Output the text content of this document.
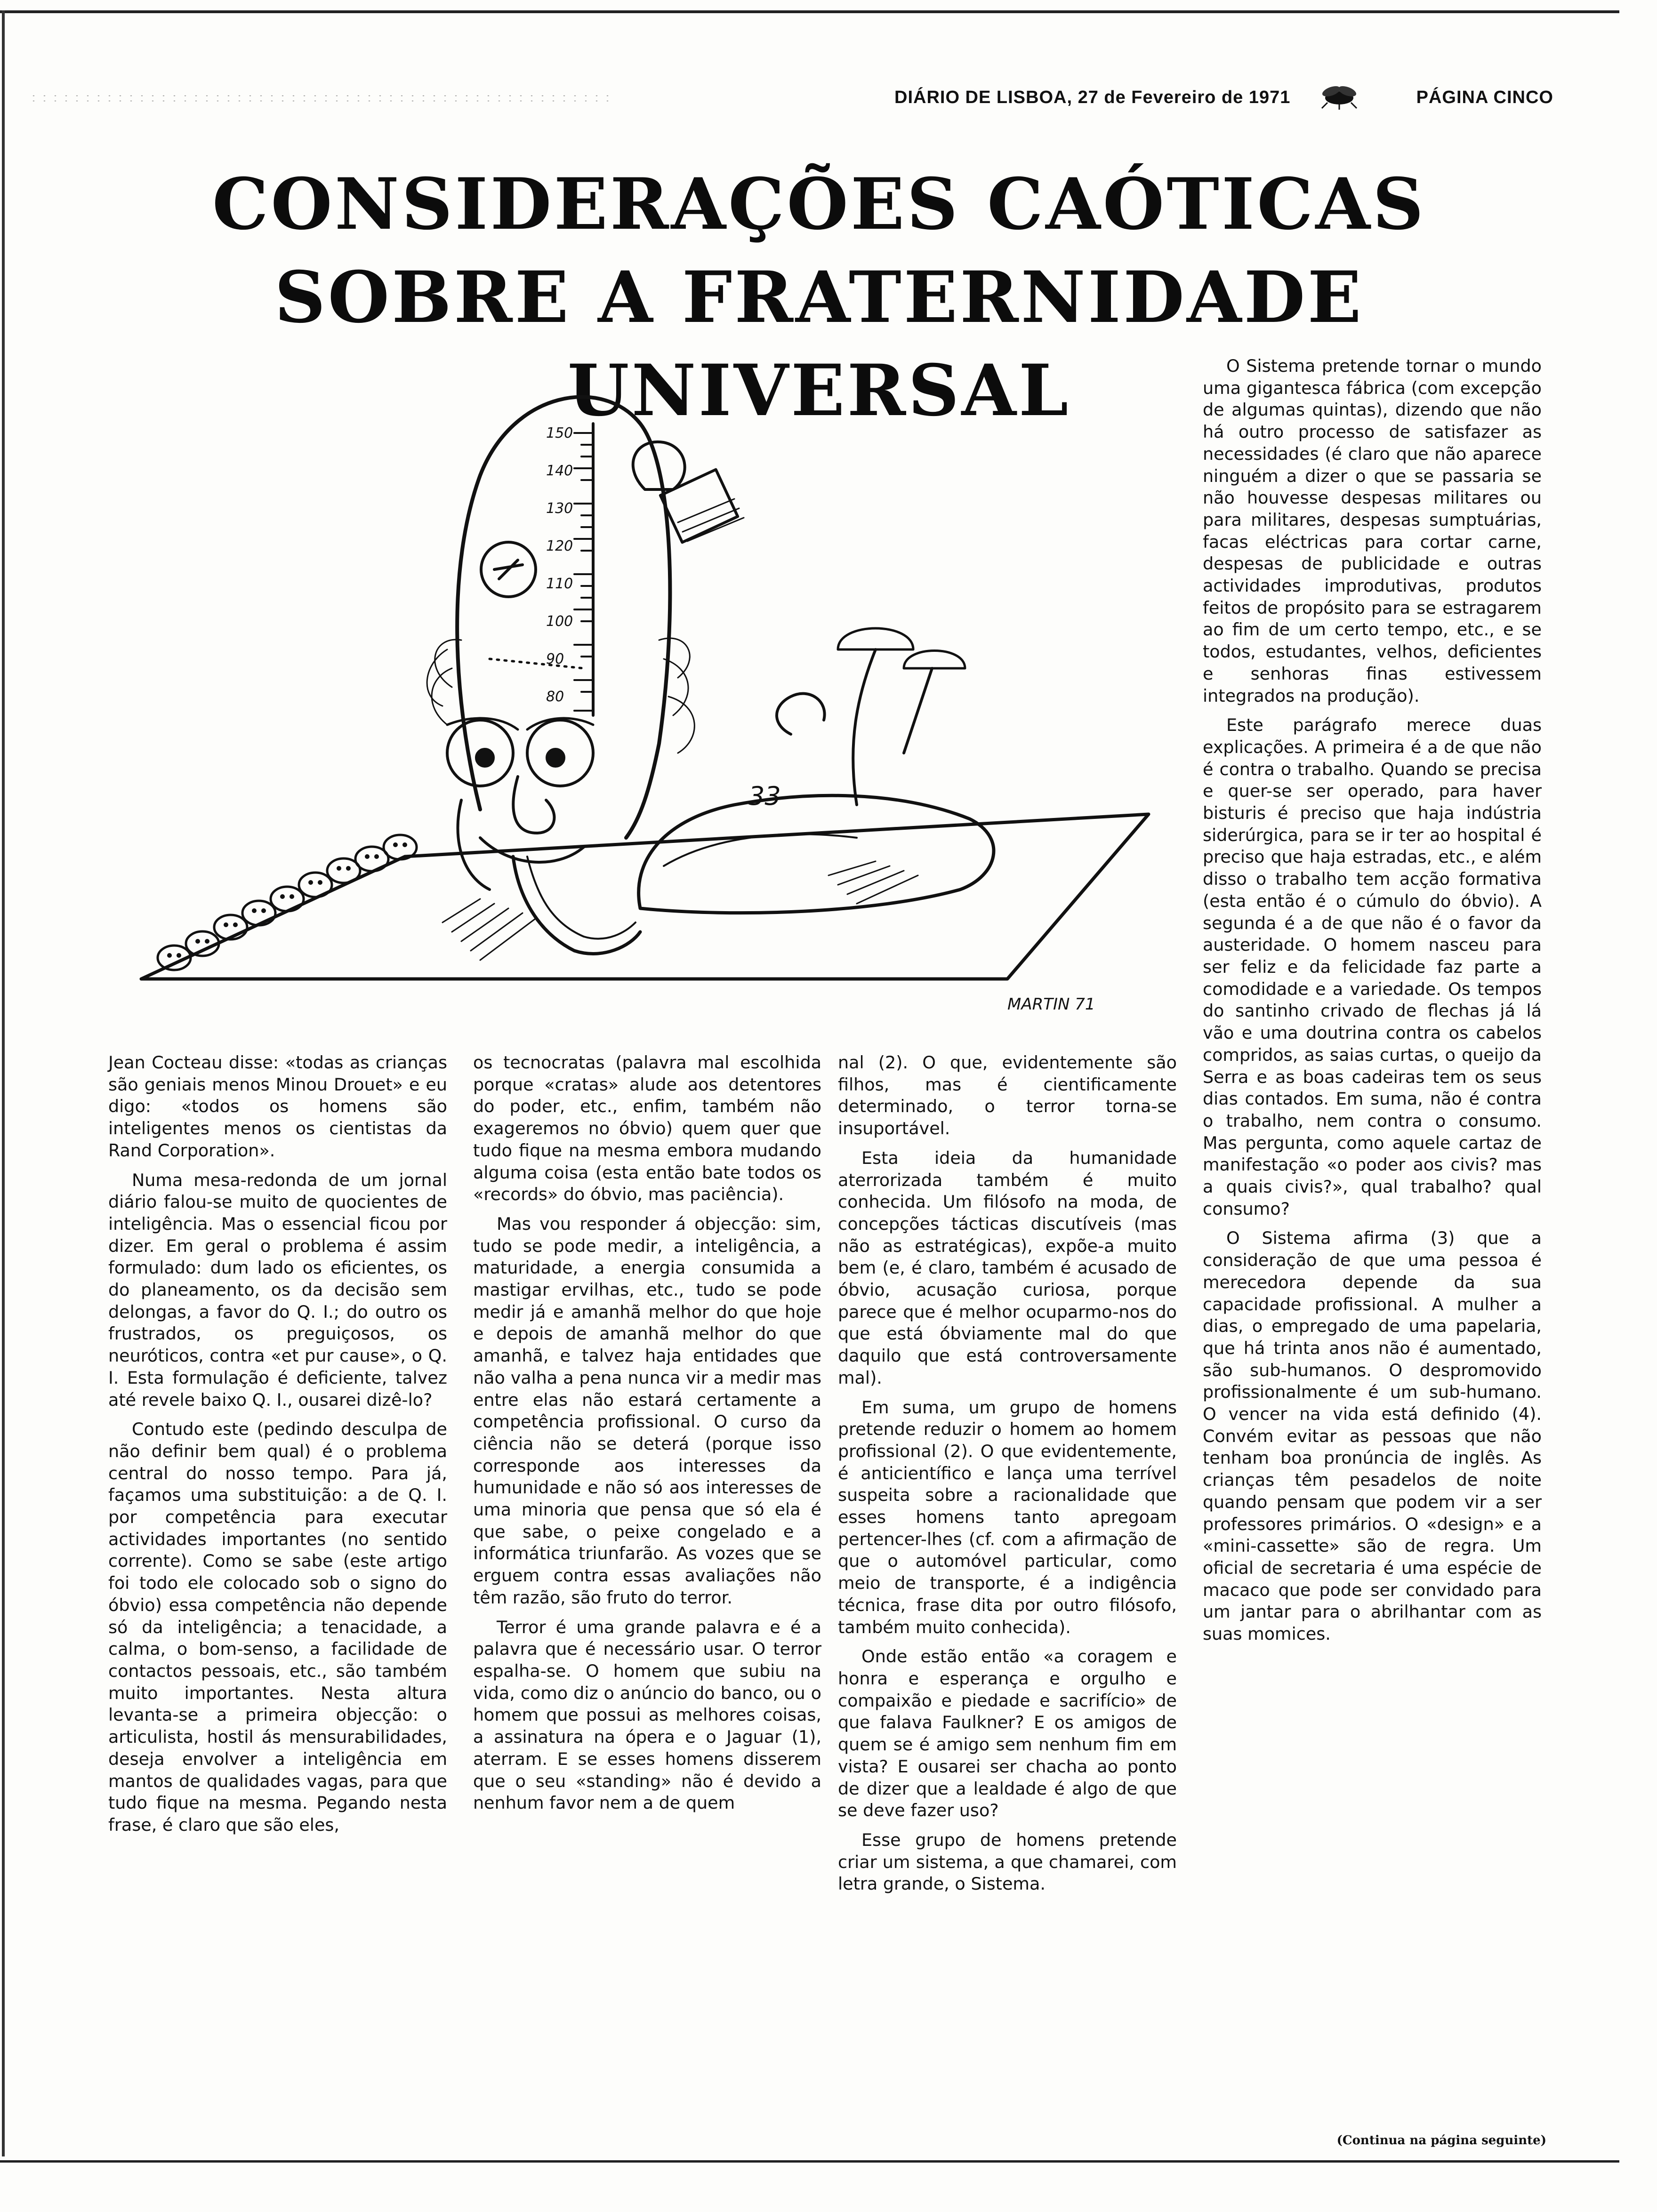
DIÁRIO DE LISBOA, 27 de Fevereiro de 1971	PÁGINA CINCO
CONSIDERAÇÕES CAÓTICAS
SOBRE A FRATERNIDADE UNIVERSAL
150
140
130
120
110
100
90
80
33
MARTIN 71

Jean Cocteau disse: «todas as crianças são geniais menos Minou Drouet» e eu digo: «todos os homens são inteligentes menos os cientistas da Rand Corporation».

Numa mesa-redonda de um jornal diário falou-se muito de quocientes de inteligência. Mas o essencial ficou por dizer. Em geral o problema é assim formulado: dum lado os eficientes, os do planeamento, os da decisão sem delongas, a favor do Q. I.; do outro os frustrados, os preguiçosos, os neuróticos, contra «et pur cause», o Q. I. Esta formulação é deficiente, talvez até revele baixo Q. I., ousarei dizê-lo?

Contudo este (pedindo desculpa de não definir bem qual) é o problema central do nosso tempo. Para já, façamos uma substituição: a de Q. I. por competência para executar actividades importantes (no sentido corrente). Como se sabe (este artigo foi todo ele colocado sob o signo do óbvio) essa competência não depende só da inteligência; a tenacidade, a calma, o bom-senso, a facilidade de contactos pessoais, etc., são também muito importantes. Nesta altura levanta-se a primeira objecção: o articulista, hostil ás mensurabilidades, deseja envolver a inteligência em mantos de qualidades vagas, para que tudo fique na mesma. Pegando nesta frase, é claro que são eles,

os tecnocratas (palavra mal escolhida porque «cratas» alude aos detentores do poder, etc., enfim, também não exageremos no óbvio) quem quer que tudo fique na mesma embora mudando alguma coisa (esta então bate todos os «records» do óbvio, mas paciência).

Mas vou responder á objecção: sim, tudo se pode medir, a inteligência, a maturidade, a energia consumida a mastigar ervilhas, etc., tudo se pode medir já e amanhã melhor do que hoje e depois de amanhã melhor do que amanhã, e talvez haja entidades que não valha a pena nunca vir a medir mas entre elas não estará certamente a competência profissional. O curso da ciência não se deterá (porque isso corresponde aos interesses da humunidade e não só aos interesses de uma minoria que pensa que só ela é que sabe, o peixe congelado e a informática triunfarão. As vozes que se erguem contra essas avaliações não têm razão, são fruto do terror.

Terror é uma grande palavra e é a palavra que é necessário usar. O terror espalha-se. O homem que subiu na vida, como diz o anúncio do banco, ou o homem que possui as melhores coisas, a assinatura na ópera e o Jaguar (1), aterram. E se esses homens disserem que o seu «standing» não é devido a nenhum favor nem a de quem

nal (2). O que, evidentemente são filhos, mas é cientificamente determinado, o terror torna-se insuportável.

Esta ideia da humanidade aterrorizada também é muito conhecida. Um filósofo na moda, de concepções tácticas discutíveis (mas não as estratégicas), expõe-a muito bem (e, é claro, também é acusado de óbvio, acusação curiosa, porque parece que é melhor ocuparmo-nos do que está óbviamente mal do que daquilo que está controversamente mal).

Em suma, um grupo de homens pretende reduzir o homem ao homem profissional (2). O que evidentemente, é anticientífico e lança uma terrível suspeita sobre a racionalidade que esses homens tanto apregoam pertencer-lhes (cf. com a afirmação de que o automóvel particular, como meio de transporte, é a indigência técnica, frase dita por outro filósofo, também muito conhecida).

Onde estão então «a coragem e honra e esperança e orgulho e compaixão e piedade e sacrifício» de que falava Faulkner? E os amigos de quem se é amigo sem nenhum fim em vista? E ousarei ser chacha ao ponto de dizer que a lealdade é algo de que se deve fazer uso?

Esse grupo de homens pretende criar um sistema, a que chamarei, com letra grande, o Sistema.

O Sistema pretende tornar o mundo uma gigantesca fábrica (com excepção de algumas quintas), dizendo que não há outro processo de satisfazer as necessidades (é claro que não aparece ninguém a dizer o que se passaria se não houvesse despesas militares ou para militares, despesas sumptuárias, facas eléctricas para cortar carne, despesas de publicidade e outras actividades improdutivas, produtos feitos de propósito para se estragarem ao fim de um certo tempo, etc., e se todos, estudantes, velhos, deficientes e senhoras finas estivessem integrados na produção).

Este parágrafo merece duas explicações. A primeira é a de que não é contra o trabalho. Quando se precisa e quer-se ser operado, para haver bisturis é preciso que haja indústria siderúrgica, para se ir ter ao hospital é preciso que haja estradas, etc., e além disso o trabalho tem acção formativa (esta então é o cúmulo do óbvio). A segunda é a de que não é o favor da austeridade. O homem nasceu para ser feliz e da felicidade faz parte a comodidade e a variedade. Os tempos do santinho crivado de flechas já lá vão e uma doutrina contra os cabelos compridos, as saias curtas, o queijo da Serra e as boas cadeiras tem os seus dias contados. Em suma, não é contra o trabalho, nem contra o consumo. Mas pergunta, como aquele cartaz de manifestação «o poder aos civis? mas a quais civis?», qual trabalho? qual consumo?

O Sistema afirma (3) que a consideração de que uma pessoa é merecedora depende da sua capacidade profissional. A mulher a dias, o empregado de uma papelaria, que há trinta anos não é aumentado, são sub-humanos. O despromovido profissionalmente é um sub-humano. O vencer na vida está definido (4). Convém evitar as pessoas que não tenham boa pronúncia de inglês. As crianças têm pesadelos de noite quando pensam que podem vir a ser professores primários. O «design» e a «mini-cassette» são de regra. Um oficial de secretaria é uma espécie de macaco que pode ser convidado para um jantar para o abrilhantar com as suas momices.

(Continua na página seguinte)
